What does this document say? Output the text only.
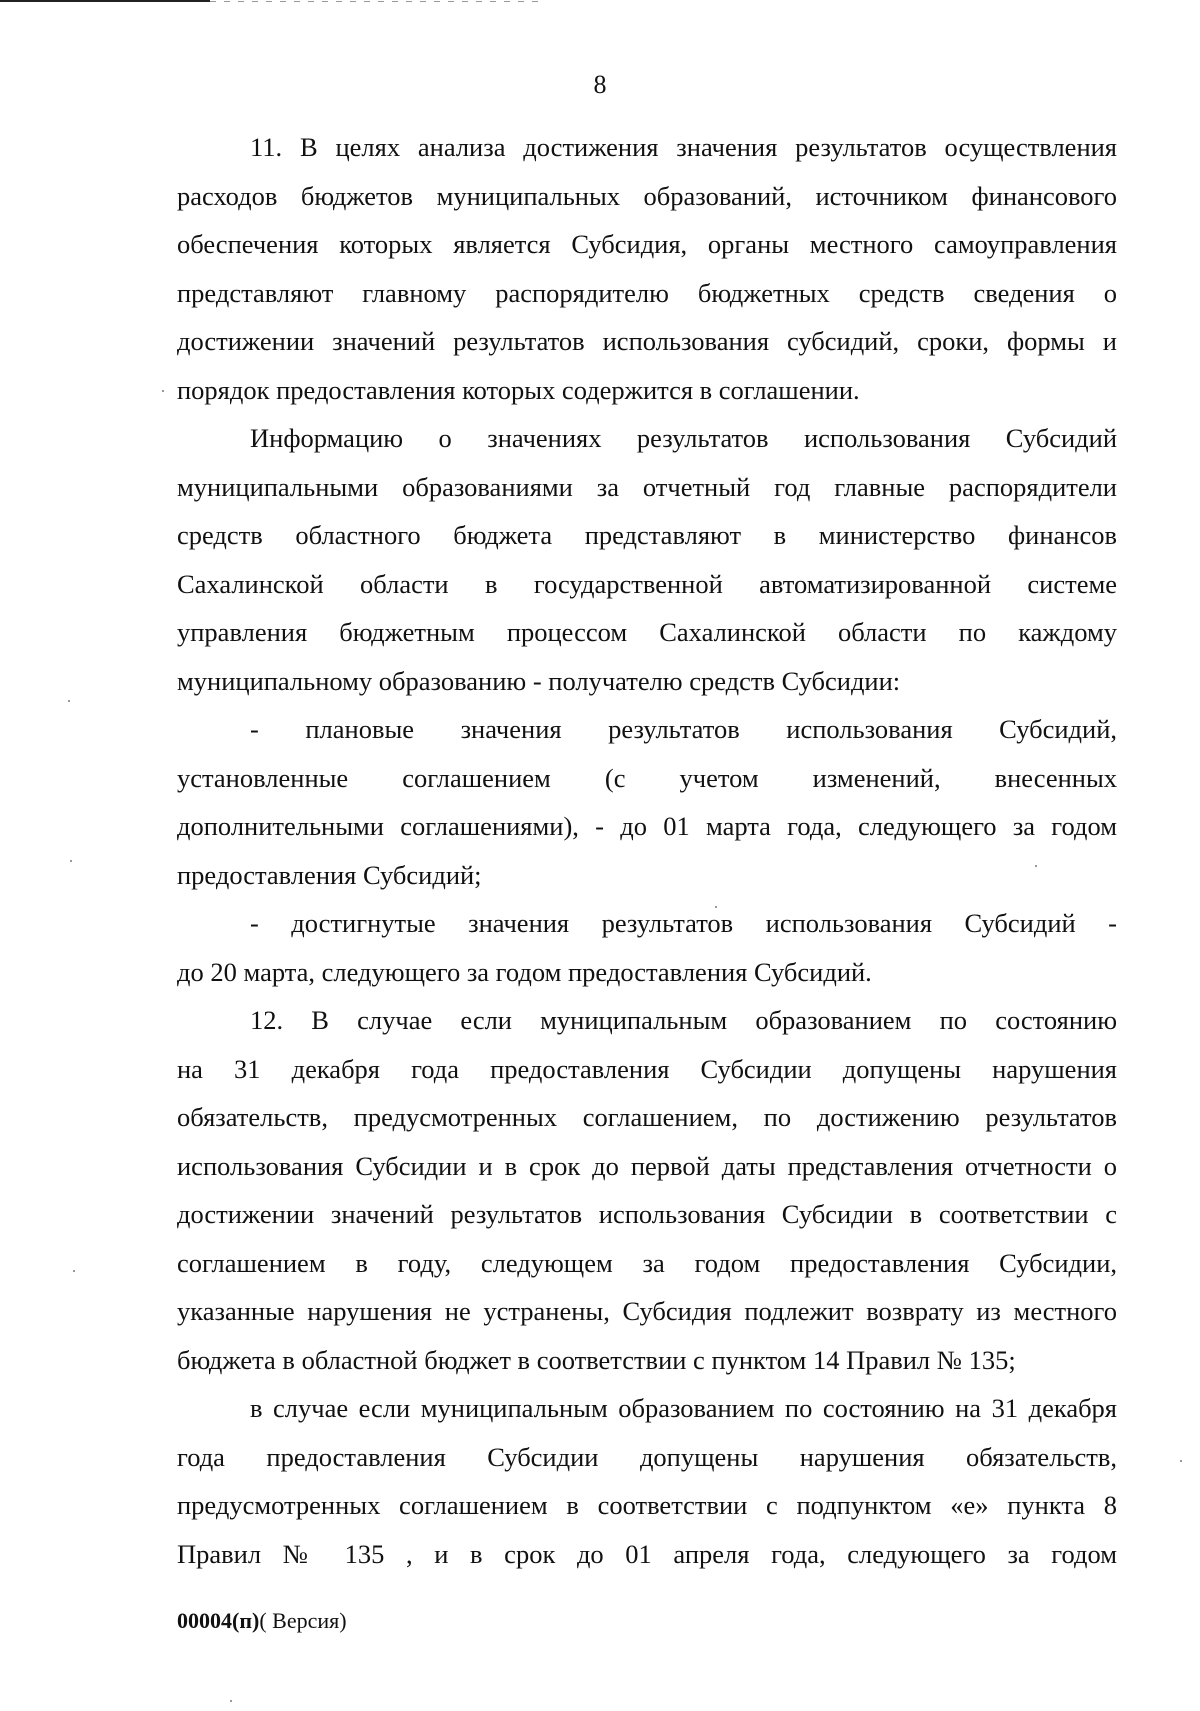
8

11. В целях анализа достижения значения результатов осуществления

расходов бюджетов муниципальных образований, источником финансового

обеспечения которых является Субсидия, органы местного самоуправления

представляют главному распорядителю бюджетных средств сведения о

достижении значений результатов использования субсидий, сроки, формы и

порядок предоставления которых содержится в соглашении.

Информацию о значениях результатов использования Субсидий

муниципальными образованиями за отчетный год главные распорядители

средств областного бюджета представляют в министерство финансов

Сахалинской области в государственной автоматизированной системе

управления бюджетным процессом Сахалинской области по каждому

муниципальному образованию - получателю средств Субсидии:

- плановые значения результатов использования Субсидий,

установленные соглашением (с учетом изменений, внесенных

дополнительными соглашениями), - до 01 марта года, следующего за годом

предоставления Субсидий;

- достигнутые значения результатов использования Субсидий -

до 20 марта, следующего за годом предоставления Субсидий.

12. В случае если муниципальным образованием по состоянию

на 31 декабря года предоставления Субсидии допущены нарушения

обязательств, предусмотренных соглашением, по достижению результатов

использования Субсидии и в срок до первой даты представления отчетности о

достижении значений результатов использования Субсидии в соответствии с

соглашением в году, следующем за годом предоставления Субсидии,

указанные нарушения не устранены, Субсидия подлежит возврату из местного

бюджета в областной бюджет в соответствии с пунктом 14 Правил № 135;

в случае если муниципальным образованием по состоянию на 31 декабря

года предоставления Субсидии допущены нарушения обязательств,

предусмотренных соглашением в соответствии с подпунктом «е» пункта 8

Правил № 135 , и в срок до 01 апреля года, следующего за годом

00004(п)( Версия)
